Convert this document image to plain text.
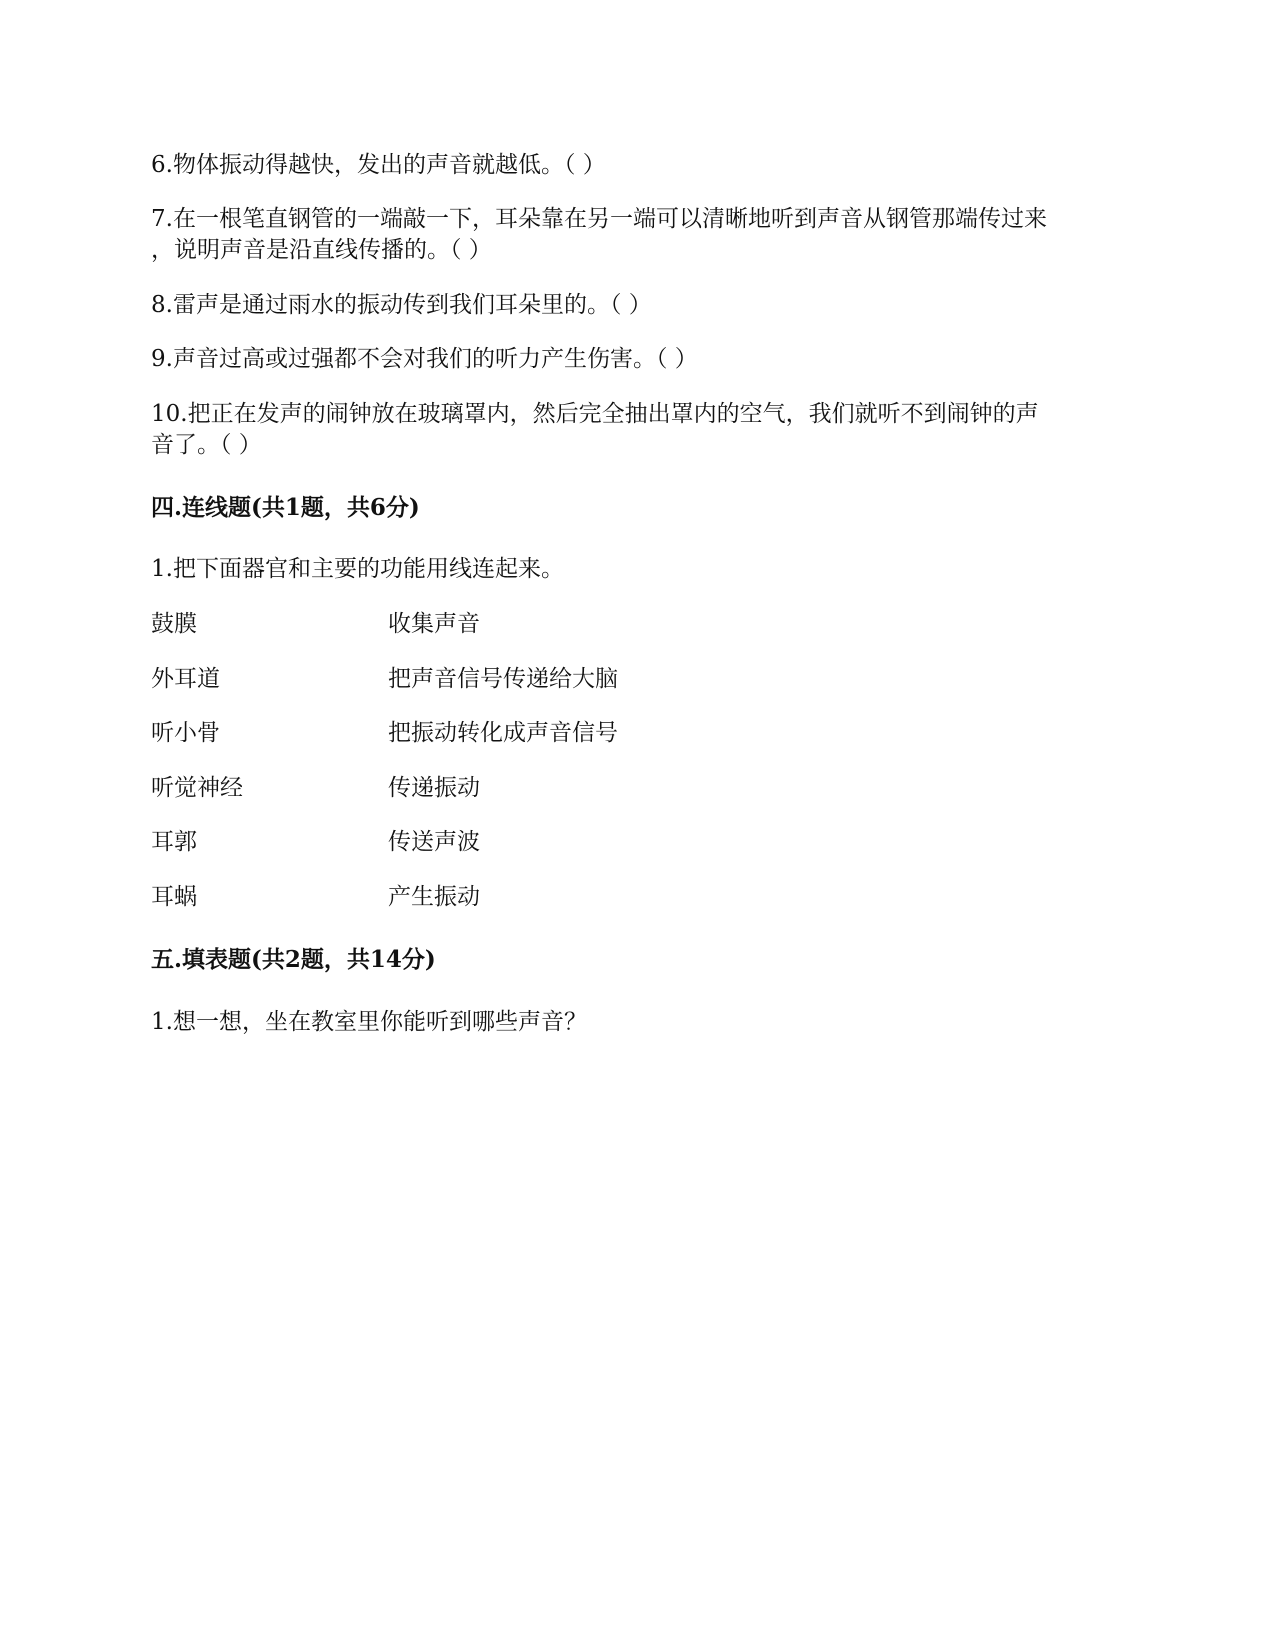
6.物体振动得越快，发出的声音就越低。（ ）
7.在一根笔直钢管的一端敲一下，耳朵靠在另一端可以清晰地听到声音从钢管那端传过来
，说明声音是沿直线传播的。（ ）
8.雷声是通过雨水的振动传到我们耳朵里的。（ ）
9.声音过高或过强都不会对我们的听力产生伤害。（ ）
10.把正在发声的闹钟放在玻璃罩内，然后完全抽出罩内的空气，我们就听不到闹钟的声
音了。（ ）
四.连线题(共1题，共6分)
1.把下面器官和主要的功能用线连起来。
鼓膜	收集声音
外耳道	把声音信号传递给大脑
听小骨	把振动转化成声音信号
听觉神经	传递振动
耳郭	传送声波
耳蜗	产生振动
五.填表题(共2题，共14分)
1.想一想，坐在教室里你能听到哪些声音？
